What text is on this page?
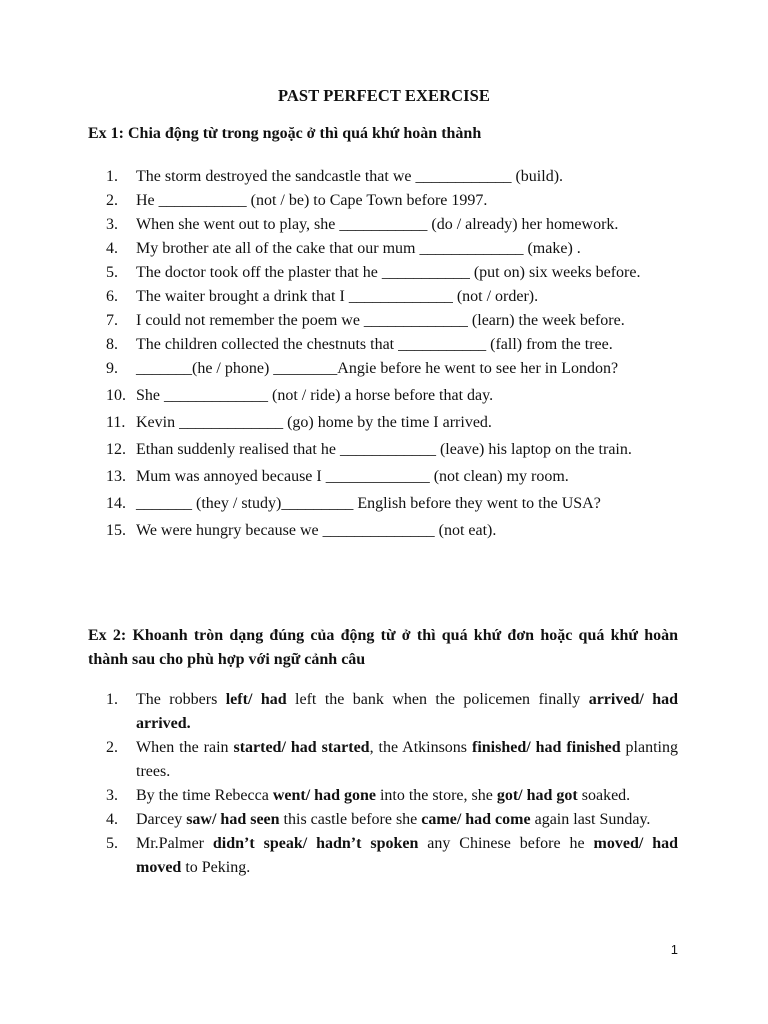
PAST PERFECT EXERCISE
Ex 1: Chia động từ trong ngoặc ở thì quá khứ hoàn thành
1. The storm destroyed the sandcastle that we ____________ (build).
2. He ___________ (not / be) to Cape Town before 1997.
3. When she went out to play, she ___________ (do / already) her homework.
4. My brother ate all of the cake that our mum _____________ (make) .
5. The doctor took off the plaster that he ___________ (put on) six weeks before.
6. The waiter brought a drink that I _____________ (not / order).
7. I could not remember the poem we _____________ (learn) the week before.
8. The children collected the chestnuts that ___________ (fall) from the tree.
9. _______(he / phone) ________Angie before he went to see her in London?
10. She _____________ (not / ride) a horse before that day.
11. Kevin _____________ (go) home by the time I arrived.
12. Ethan suddenly realised that he ____________ (leave) his laptop on the train.
13. Mum was annoyed because I _____________ (not clean) my room.
14. _______ (they / study)_________ English before they went to the USA?
15. We were hungry because we ______________ (not eat).
Ex 2: Khoanh tròn dạng đúng của động từ ở thì quá khứ đơn hoặc quá khứ hoàn thành sau cho phù hợp với ngữ cảnh câu
1. The robbers left/ had left the bank when the policemen finally arrived/ had arrived.
2. When the rain started/ had started, the Atkinsons finished/ had finished planting trees.
3. By the time Rebecca went/ had gone into the store, she got/ had got soaked.
4. Darcey saw/ had seen this castle before she came/ had come again last Sunday.
5. Mr.Palmer didn’t speak/ hadn’t spoken any Chinese before he moved/ had moved to Peking.
1
